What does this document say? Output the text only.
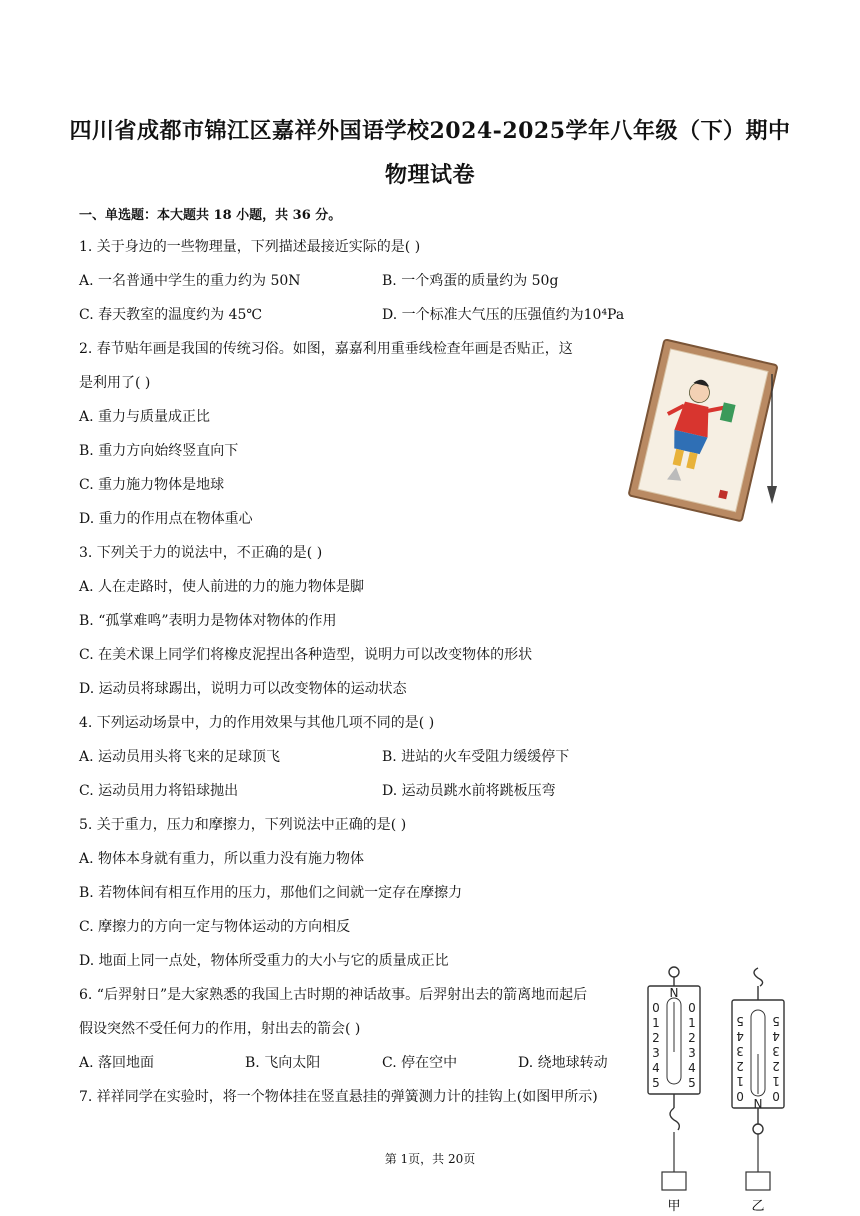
四川省成都市锦江区嘉祥外国语学校2024-2025学年八年级（下）期中
物理试卷
一、单选题：本大题共 18 小题，共 36 分。
1. 关于身边的一些物理量，下列描述最接近实际的是( )
A. 一名普通中学生的重力约为 50N	B. 一个鸡蛋的质量约为 50g
C. 春天教室的温度约为 45℃	D. 一个标准大气压的压强值约为10⁴Pa
2. 春节贴年画是我国的传统习俗。如图，嘉嘉利用重垂线检查年画是否贴正，这
是利用了( )
A. 重力与质量成正比
B. 重力方向始终竖直向下
C. 重力施力物体是地球
D. 重力的作用点在物体重心
3. 下列关于力的说法中，不正确的是( )
A. 人在走路时，使人前进的力的施力物体是脚
B. “孤掌难鸣”表明力是物体对物体的作用
C. 在美术课上同学们将橡皮泥捏出各种造型，说明力可以改变物体的形状
D. 运动员将球踢出，说明力可以改变物体的运动状态
4. 下列运动场景中，力的作用效果与其他几项不同的是( )
A. 运动员用头将飞来的足球顶飞	B. 进站的火车受阻力缓缓停下
C. 运动员用力将铅球抛出	D. 运动员跳水前将跳板压弯
5. 关于重力，压力和摩擦力，下列说法中正确的是( )
A. 物体本身就有重力，所以重力没有施力物体
B. 若物体间有相互作用的压力，那他们之间就一定存在摩擦力
C. 摩擦力的方向一定与物体运动的方向相反
D. 地面上同一点处，物体所受重力的大小与它的质量成正比
6. “后羿射日”是大家熟悉的我国上古时期的神话故事。后羿射出去的箭离地而起后
假设突然不受任何力的作用，射出去的箭会( )
A. 落回地面	B. 飞向太阳	C. 停在空中	D. 绕地球转动
7. 祥祥同学在实验时，将一个物体挂在竖直悬挂的弹簧测力计的挂钩上(如图甲所示)
第 1页，共 20页
N
0
1
2
3
4
5
0
1
2
3
4
5
甲
5
4
3
2
1
0
5
4
3
2
1
0
N
乙
